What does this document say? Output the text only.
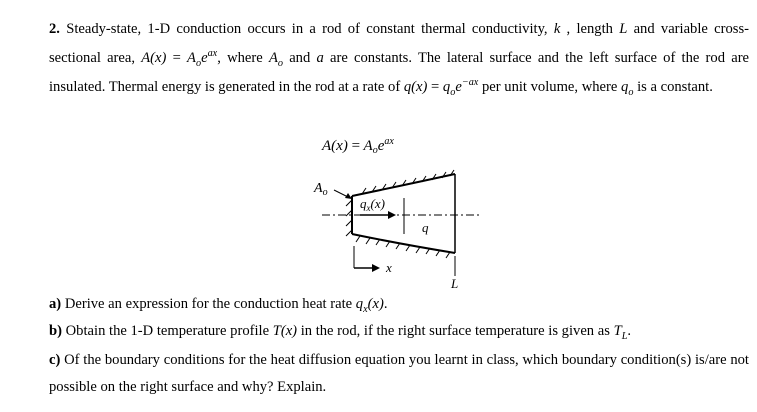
2. Steady-state, 1-D conduction occurs in a rod of constant thermal conductivity, k , length L and variable cross-sectional area, $A(x) = A_oe^{ax}$, where $A_o$ and a are constants. The lateral surface and the left surface of the rod are insulated. Thermal energy is generated in the rod at a rate of $q(x) = q_oe^{-ax}$ per unit volume, where $q_o$ is a constant.

$A(x) = A_oe^{ax}$
$A_o$
$q_x(x)$
q
x
L

a) Derive an expression for the conduction heat rate $q_x(x)$.

b) Obtain the 1-D temperature profile T(x) in the rod, if the right surface temperature is given as $T_L$.

c) Of the boundary conditions for the heat diffusion equation you learnt in class, which boundary condition(s) is/are not possible on the right surface and why? Explain.
